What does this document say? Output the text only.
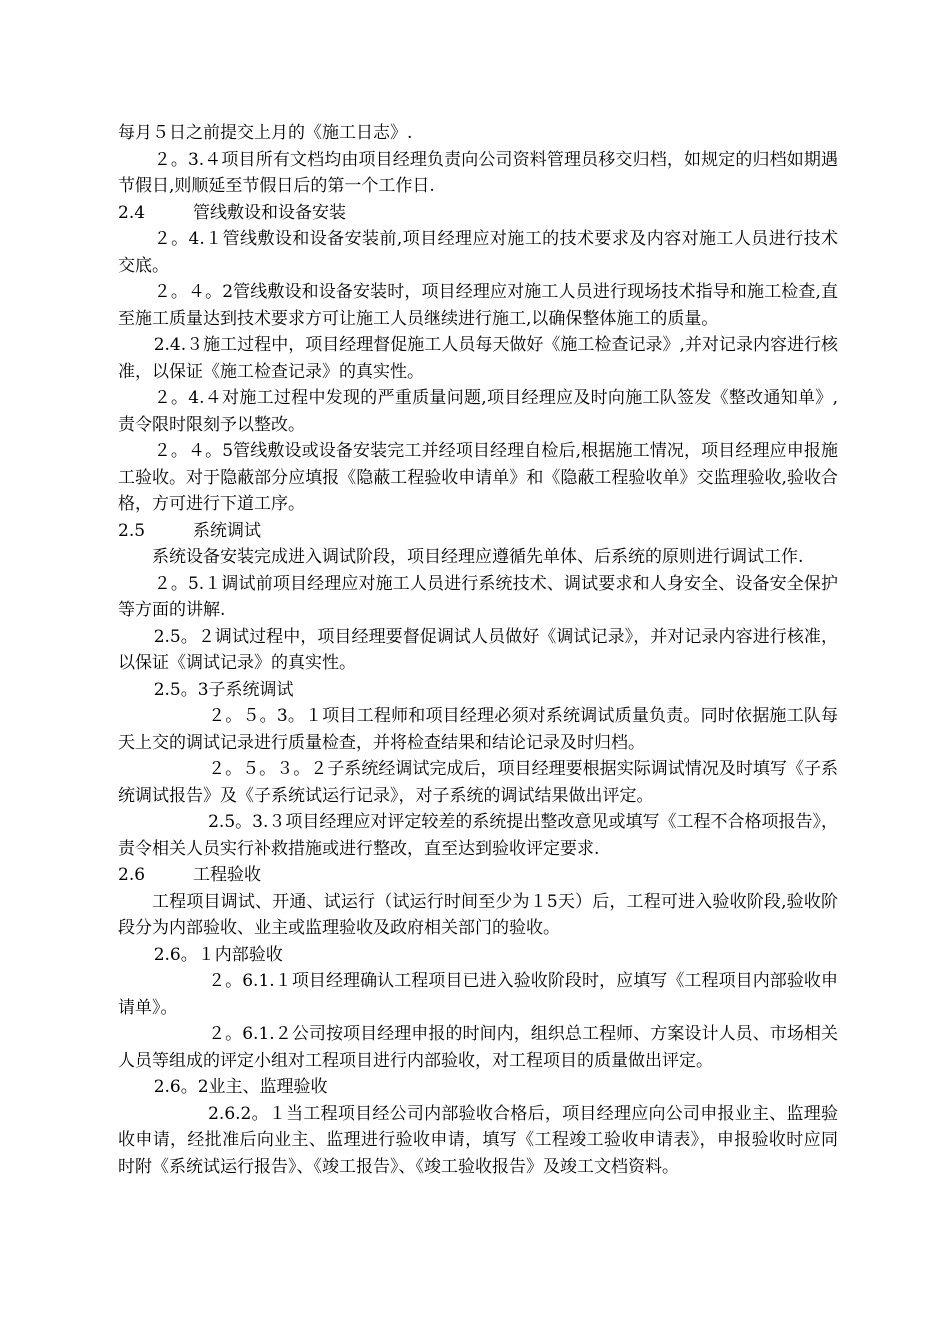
每月５日之前提交上月的《施工日志》.

２。3.４项目所有文档均由项目经理负责向公司资料管理员移交归档，如规定的归档如期遇节假日,则顺延至节假日后的第一个工作日.

2.4	管线敷设和设备安装

２。4.１管线敷设和设备安装前,项目经理应对施工的技术要求及内容对施工人员进行技术交底。

２。４。2管线敷设和设备安装时，项目经理应对施工人员进行现场技术指导和施工检查,直至施工质量达到技术要求方可让施工人员继续进行施工,以确保整体施工的质量。

2.4.３施工过程中，项目经理督促施工人员每天做好《施工检查记录》,并对记录内容进行核准，以保证《施工检查记录》的真实性。

２。4.４对施工过程中发现的严重质量问题,项目经理应及时向施工队签发《整改通知单》,责令限时限刻予以整改。

２。４。5管线敷设或设备安装完工并经项目经理自检后,根据施工情况，项目经理应申报施工验收。对于隐蔽部分应填报《隐蔽工程验收申请单》和《隐蔽工程验收单》交监理验收,验收合格，方可进行下道工序。

2.5	系统调试

系统设备安装完成进入调试阶段，项目经理应遵循先单体、后系统的原则进行调试工作.

２。5.１调试前项目经理应对施工人员进行系统技术、调试要求和人身安全、设备安全保护等方面的讲解.

2.5。２调试过程中，项目经理要督促调试人员做好《调试记录》，并对记录内容进行核准，以保证《调试记录》的真实性。

2.5。3子系统调试

２。５。3。１项目工程师和项目经理必须对系统调试质量负责。同时依据施工队每天上交的调试记录进行质量检查，并将检查结果和结论记录及时归档。

２。５。３。２子系统经调试完成后，项目经理要根据实际调试情况及时填写《子系统调试报告》及《子系统试运行记录》，对子系统的调试结果做出评定。

2.5。3.３项目经理应对评定较差的系统提出整改意见或填写《工程不合格项报告》，责令相关人员实行补救措施或进行整改，直至达到验收评定要求.

2.6	工程验收

工程项目调试、开通、试运行（试运行时间至少为１5天）后，工程可进入验收阶段,验收阶段分为内部验收、业主或监理验收及政府相关部门的验收。

2.6。１内部验收

２。6.1.１项目经理确认工程项目已进入验收阶段时，应填写《工程项目内部验收申请单》。

２。6.1.２公司按项目经理申报的时间内，组织总工程师、方案设计人员、市场相关人员等组成的评定小组对工程项目进行内部验收，对工程项目的质量做出评定。

2.6。2业主、监理验收

2.6.2。１当工程项目经公司内部验收合格后，项目经理应向公司申报业主、监理验收申请，经批准后向业主、监理进行验收申请，填写《工程竣工验收申请表》，申报验收时应同时附《系统试运行报告》、《竣工报告》、《竣工验收报告》及竣工文档资料。
